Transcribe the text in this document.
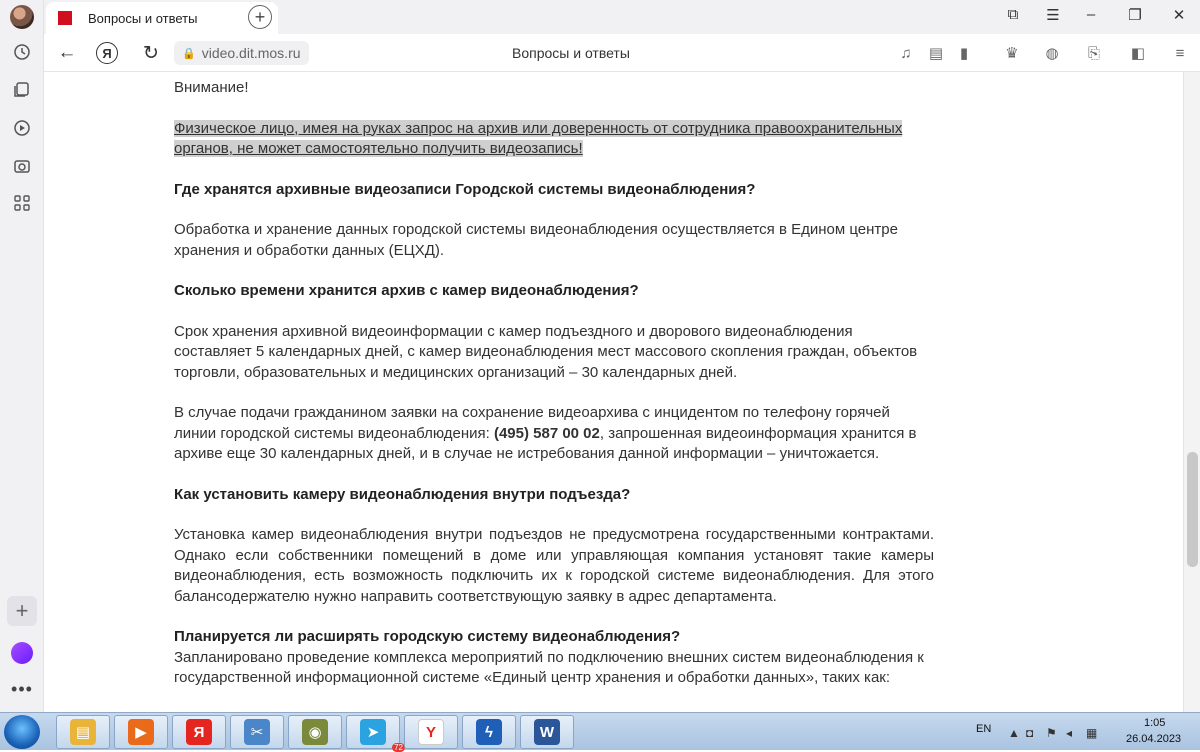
+
•••
Вопросы и ответы	+	⧉	☰	–	❐	✕
←	Я	↻	🔒 video.dit.mos.ru	Вопросы и ответы	♫ ▤	▮	♛ ◍ ⎘ ◧	≡

Внимание!

Физическое лицо, имея на руках запрос на архив или доверенность от сотрудника правоохранительных органов, не может самостоятельно получить видеозапись!

Где хранятся архивные видеозаписи Городской системы видеонаблюдения?

Обработка и хранение данных городской системы видеонаблюдения осуществляется в Едином центре хранения и обработки данных (ЕЦХД).

Сколько времени хранится архив с камер видеонаблюдения?

Срок хранения архивной видеоинформации с камер подъездного и дворового видеонаблюдения составляет 5 календарных дней, с камер видеонаблюдения мест массового скопления граждан, объектов торговли, образовательных и медицинских организаций – 30 календарных дней.

В случае подачи гражданином заявки на сохранение видеоархива с инцидентом по телефону горячей линии городской системы видеонаблюдения: (495) 587 00 02, запрошенная видеоинформация хранится в архиве еще 30 календарных дней, и в случае не истребования данной информации – уничтожается.

Как установить камеру видеонаблюдения внутри подъезда?

Установка камер видеонаблюдения внутри подъездов не предусмотрена государственными контрактами. Однако если собственники помещений в доме или управляющая компания установят такие камеры видеонаблюдения, есть возможность подключить их к городской системе видеонаблюдения. Для этого балансодержателю нужно направить соответствующую заявку в адрес департамента.

Планируется ли расширять городскую систему видеонаблюдения?

Запланировано проведение комплекса мероприятий по подключению внешних систем видеонаблюдения к государственной информационной системе «Единый центр хранения и обработки данных», таких как:

•

▤	▶	Я	✂	◉	➤
72
Y	ϟ	W	EN ▲ ◘ ⚑ ◂ ▦
1:05
26.04.2023
